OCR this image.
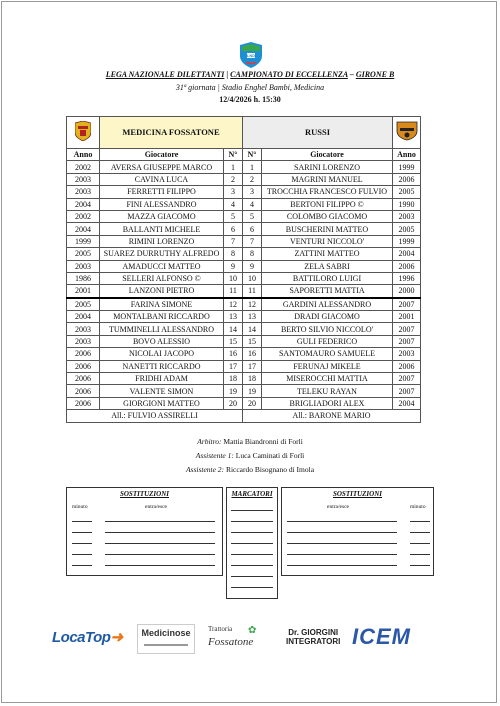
LND
LEGA NAZIONALE DILETTANTI | CAMPIONATO DI ECCELLENZA – GIRONE B
31ª giornata | Stadio Enghel Bambi, Medicina
12/4/2026 h. 15:30
	MEDICINA FOSSATONE		RUSSI	
Anno	Giocatore	N°	N°	Giocatore	Anno
2002	AVERSA GIUSEPPE MARCO	1	1	SARINI LORENZO	1999
2003	CAVINA LUCA	2	2	MAGRINI MANUEL	2006
2003	FERRETTI FILIPPO	3	3	TROCCHIA FRANCESCO FULVIO	2005
2004	FINI ALESSANDRO	4	4	BERTONI FILIPPO ©	1990
2002	MAZZA GIACOMO	5	5	COLOMBO GIACOMO	2003
2004	BALLANTI MICHELE	6	6	BUSCHERINI MATTEO	2005
1999	RIMINI LORENZO	7	7	VENTURI NICCOLO'	1999
2005	SUAREZ DURRUTHY ALFREDO	8	8	ZATTINI MATTEO	2004
2003	AMADUCCI MATTEO	9	9	ZELA SABRI	2006
1986	SELLERI ALFONSO ©	10	10	BATTILORO LUIGI	1996
2001	LANZONI PIETRO	11	11	SAPORETTI MATTIA	2000
2005	FARINA SIMONE	12	12	GARDINI ALESSANDRO	2007
2004	MONTALBANI RICCARDO	13	13	DRADI GIACOMO	2001
2003	TUMMINELLI ALESSANDRO	14	14	BERTO SILVIO NICCOLO'	2007
2003	BOVO ALESSIO	15	15	GULI FEDERICO	2007
2006	NICOLAI JACOPO	16	16	SANTOMAURO SAMUELE	2003
2006	NANETTI RICCARDO	17	17	FERUNAJ MIKELE	2006
2006	FRIDHI ADAM	18	18	MISEROCCHI MATTIA	2007
2006	VALENTE SIMON	19	19	TELEKU RAYAN	2007
2006	GIORGIONI MATTEO	20	20	BRIGLIADORI ALEX	2004
All.: FULVIO ASSIRELLI			All.: BARONE MARIO		
Arbitro: Mattia Biandronni di Forlì
Assistente 1: Luca Caminati di Forlì
Assistente 2: Riccardo Bisognano di Imola
SOSTITUZIONI
minuto	entra/esce
MARCATORI	SOSTITUZIONI
entra/esce	minuto
LocaTop➜	Medicinose	Trattoria
Fossatone
✿	Dr. GIORGINI
INTEGRATORI ICEM
